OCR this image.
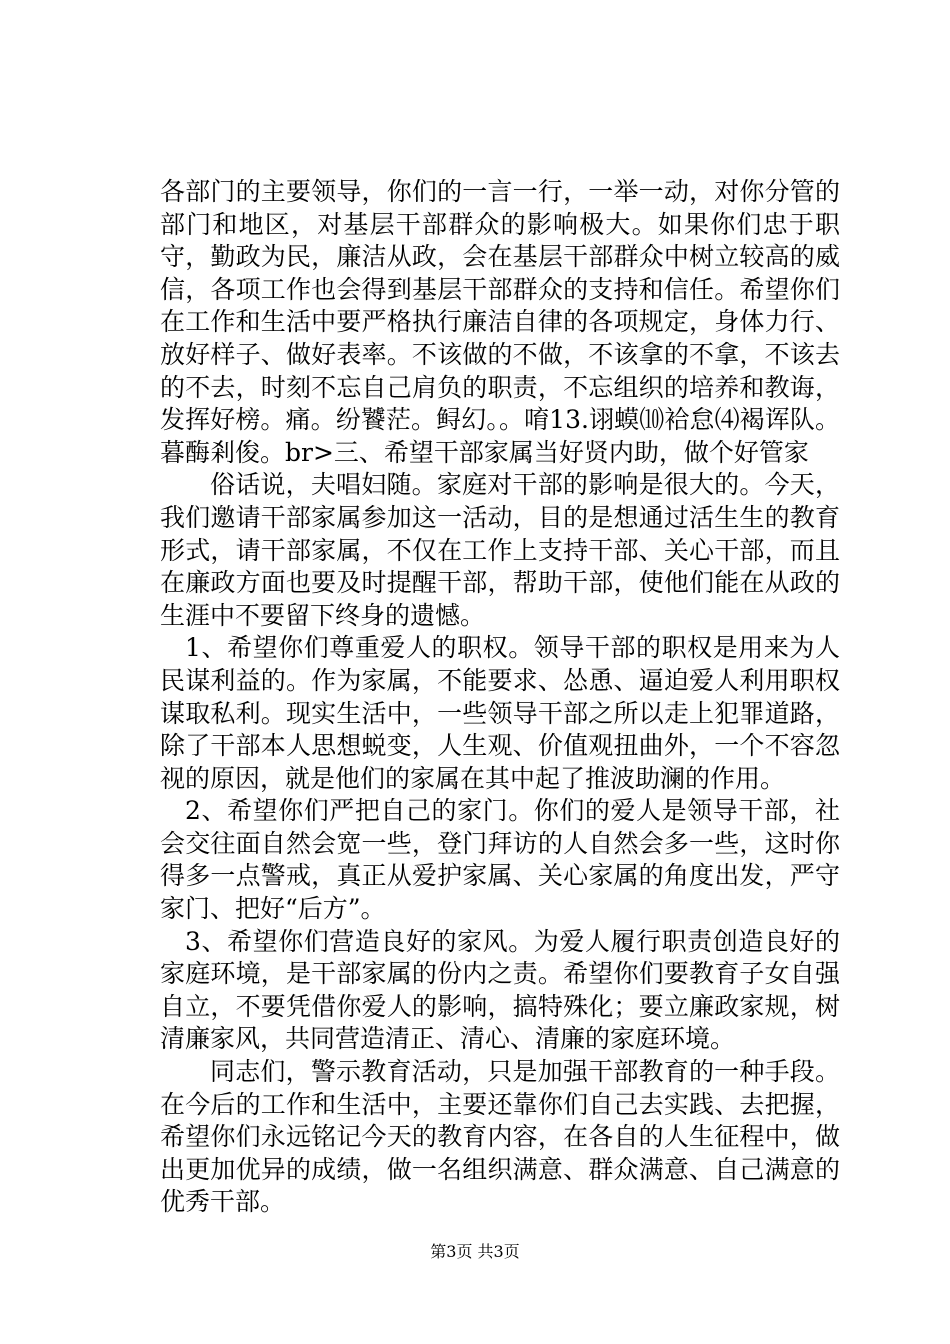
各部门的主要领导，你们的一言一行，一举一动，对你分管的部门和地区，对基层干部群众的影响极大。如果你们忠于职守，勤政为民，廉洁从政，会在基层干部群众中树立较高的威信，各项工作也会得到基层干部群众的支持和信任。希望你们在工作和生活中要严格执行廉洁自律的各项规定，身体力行、放好样子、做好表率。不该做的不做，不该拿的不拿，不该去的不去，时刻不忘自己肩负的职责，不忘组织的培养和教诲，发挥好榜。痛。纷饕茫。鲟幻。。唷13.诩蟆⑽袷怠⑷褐诨队。暮酶剎俊。br>三、希望干部家属当好贤内助，做个好管家

俗话说，夫唱妇随。家庭对干部的影响是很大的。今天，我们邀请干部家属参加这一活动，目的是想通过活生生的教育形式，请干部家属，不仅在工作上支持干部、关心干部，而且在廉政方面也要及时提醒干部，帮助干部，使他们能在从政的生涯中不要留下终身的遗憾。

1、希望你们尊重爱人的职权。领导干部的职权是用来为人民谋利益的。作为家属，不能要求、怂恿、逼迫爱人利用职权谋取私利。现实生活中，一些领导干部之所以走上犯罪道路，除了干部本人思想蜕变，人生观、价值观扭曲外，一个不容忽视的原因，就是他们的家属在其中起了推波助澜的作用。

2、希望你们严把自己的家门。你们的爱人是领导干部，社会交往面自然会宽一些，登门拜访的人自然会多一些，这时你得多一点警戒，真正从爱护家属、关心家属的角度出发，严守家门、把好“后方”。

3、希望你们营造良好的家风。为爱人履行职责创造良好的家庭环境，是干部家属的份内之责。希望你们要教育子女自强自立，不要凭借你爱人的影响，搞特殊化；要立廉政家规，树清廉家风，共同营造清正、清心、清廉的家庭环境。

同志们，警示教育活动，只是加强干部教育的一种手段。在今后的工作和生活中，主要还靠你们自己去实践、去把握，希望你们永远铭记今天的教育内容，在各自的人生征程中，做出更加优异的成绩，做一名组织满意、群众满意、自己满意的优秀干部。

第3页 共3页
